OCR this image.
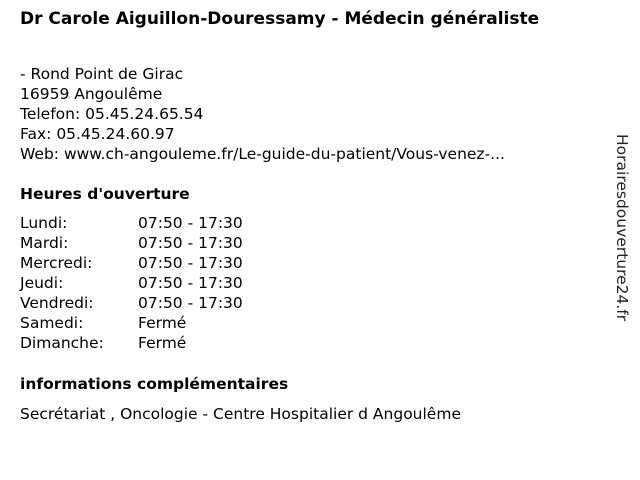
Dr Carole Aiguillon-Douressamy - Médecin généraliste
- Rond Point de Girac
16959 Angoulême
Telefon: 05.45.24.65.54
Fax: 05.45.24.60.97
Web: www.ch-angouleme.fr/Le-guide-du-patient/Vous-venez-...
Heures d'ouverture
Lundi:	07:50 - 17:30
Mardi:	07:50 - 17:30
Mercredi:	07:50 - 17:30
Jeudi:	07:50 - 17:30
Vendredi:	07:50 - 17:30
Samedi:	Fermé
Dimanche:	Fermé
informations complémentaires
Secrétariat , Oncologie - Centre Hospitalier d Angoulême
Horairesdouverture24.fr
